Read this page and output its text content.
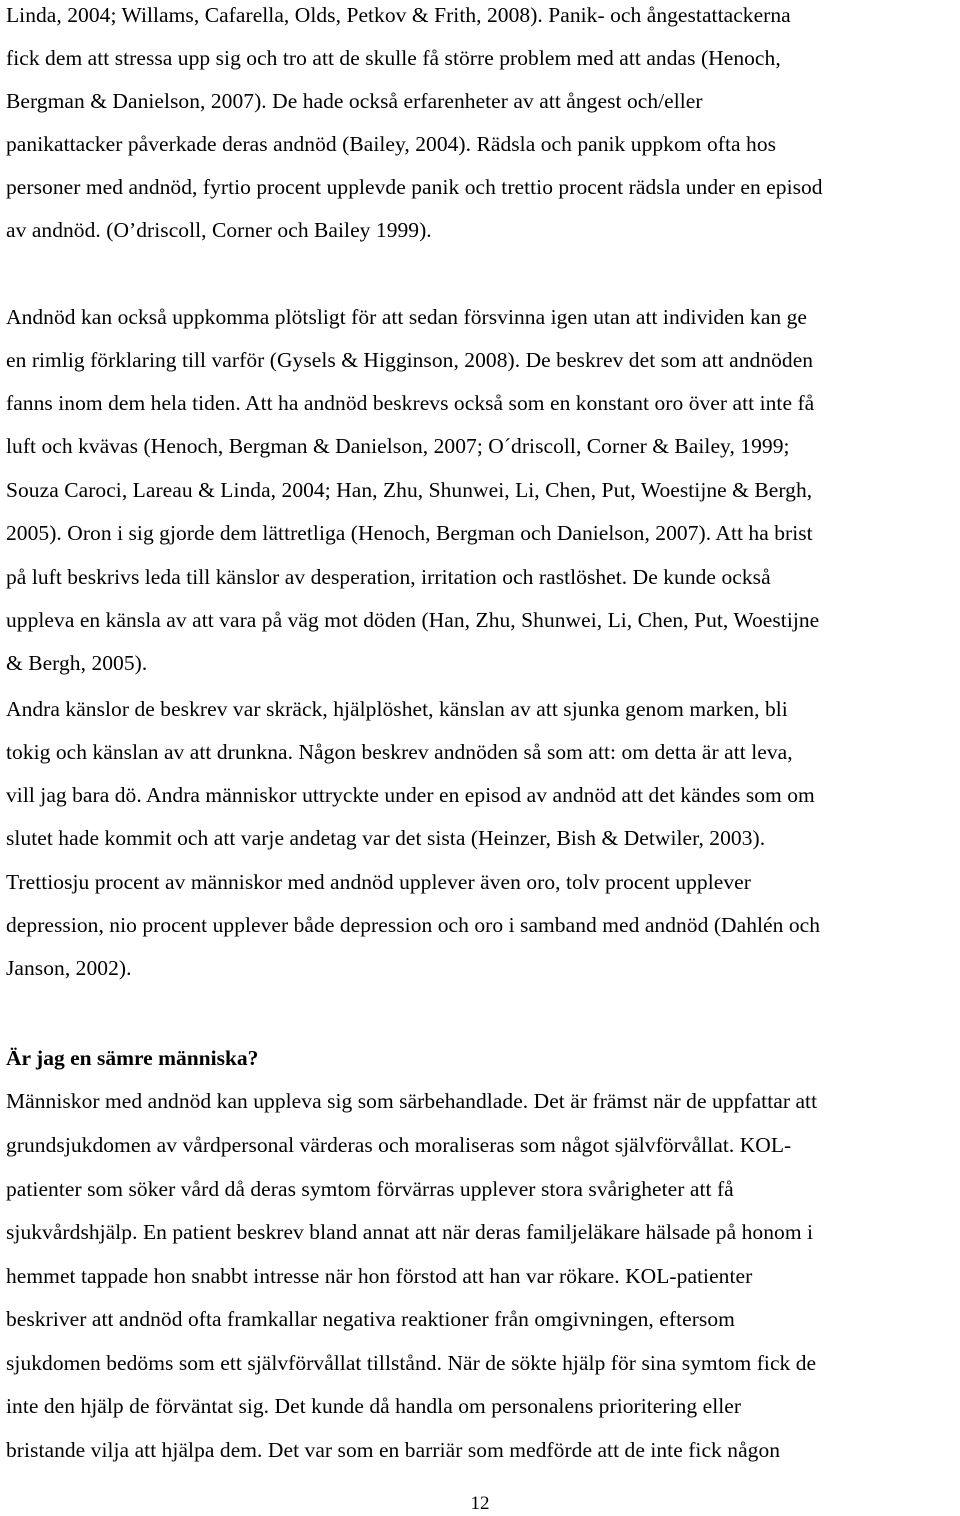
Linda, 2004; Willams, Cafarella, Olds, Petkov & Frith, 2008). Panik- och ångestattackerna
fick dem att stressa upp sig och tro att de skulle få större problem med att andas (Henoch,
Bergman & Danielson, 2007). De hade också erfarenheter av att ångest och/eller
panikattacker påverkade deras andnöd (Bailey, 2004). Rädsla och panik uppkom ofta hos
personer med andnöd, fyrtio procent upplevde panik och trettio procent rädsla under en episod
av andnöd. (O’driscoll, Corner och Bailey 1999).
Andnöd kan också uppkomma plötsligt för att sedan försvinna igen utan att individen kan ge
en rimlig förklaring till varför (Gysels & Higginson, 2008). De beskrev det som att andnöden
fanns inom dem hela tiden. Att ha andnöd beskrevs också som en konstant oro över att inte få
luft och kvävas (Henoch, Bergman & Danielson, 2007; O´driscoll, Corner & Bailey, 1999;
Souza Caroci, Lareau & Linda, 2004; Han, Zhu, Shunwei, Li, Chen, Put, Woestijne & Bergh,
2005). Oron i sig gjorde dem lättretliga (Henoch, Bergman och Danielson, 2007). Att ha brist
på luft beskrivs leda till känslor av desperation, irritation och rastlöshet. De kunde också
uppleva en känsla av att vara på väg mot döden (Han, Zhu, Shunwei, Li, Chen, Put, Woestijne
& Bergh, 2005).
Andra känslor de beskrev var skräck, hjälplöshet, känslan av att sjunka genom marken, bli
tokig och känslan av att drunkna. Någon beskrev andnöden så som att: om detta är att leva,
vill jag bara dö. Andra människor uttryckte under en episod av andnöd att det kändes som om
slutet hade kommit och att varje andetag var det sista (Heinzer, Bish & Detwiler, 2003).
Trettiosju procent av människor med andnöd upplever även oro, tolv procent upplever
depression, nio procent upplever både depression och oro i samband med andnöd (Dahlén och
Janson, 2002).
Är jag en sämre människa?
Människor med andnöd kan uppleva sig som särbehandlade. Det är främst när de uppfattar att
grundsjukdomen av vårdpersonal värderas och moraliseras som något självförvållat. KOL-
patienter som söker vård då deras symtom förvärras upplever stora svårigheter att få
sjukvårdshjälp. En patient beskrev bland annat att när deras familjeläkare hälsade på honom i
hemmet tappade hon snabbt intresse när hon förstod att han var rökare. KOL-patienter
beskriver att andnöd ofta framkallar negativa reaktioner från omgivningen, eftersom
sjukdomen bedöms som ett självförvållat tillstånd. När de sökte hjälp för sina symtom fick de
inte den hjälp de förväntat sig. Det kunde då handla om personalens prioritering eller
bristande vilja att hjälpa dem. Det var som en barriär som medförde att de inte fick någon
12
